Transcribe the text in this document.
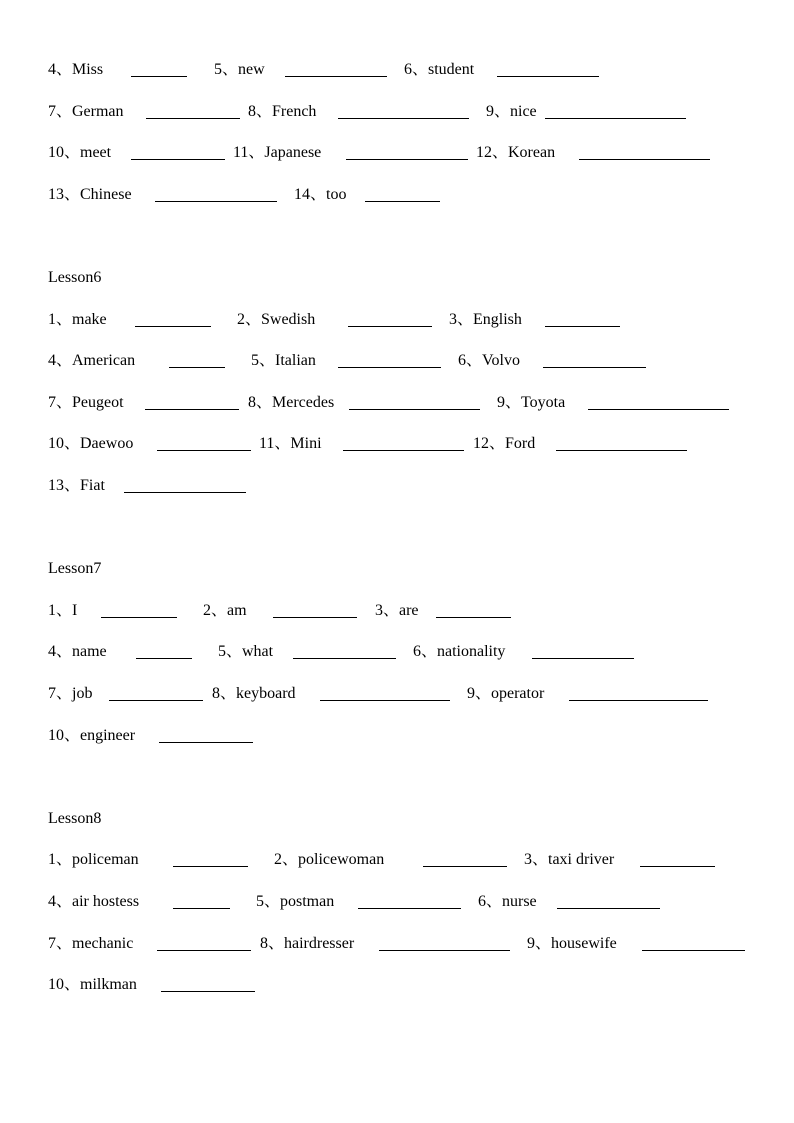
4、Miss	5、new	6、student
7、German	8、French	9、nice
10、meet	11、Japanese	12、Korean
13、Chinese	14、too
Lesson6
1、make	2、Swedish	3、English
4、American	5、Italian	6、Volvo
7、Peugeot	8、Mercedes	9、Toyota
10、Daewoo	11、Mini	12、Ford
13、Fiat
Lesson7
1、I	2、am	3、are
4、name	5、what	6、nationality
7、job	8、keyboard	9、operator
10、engineer
Lesson8
1、policeman	2、policewoman	3、taxi driver
4、air hostess	5、postman	6、nurse
7、mechanic	8、hairdresser	9、housewife
10、milkman
